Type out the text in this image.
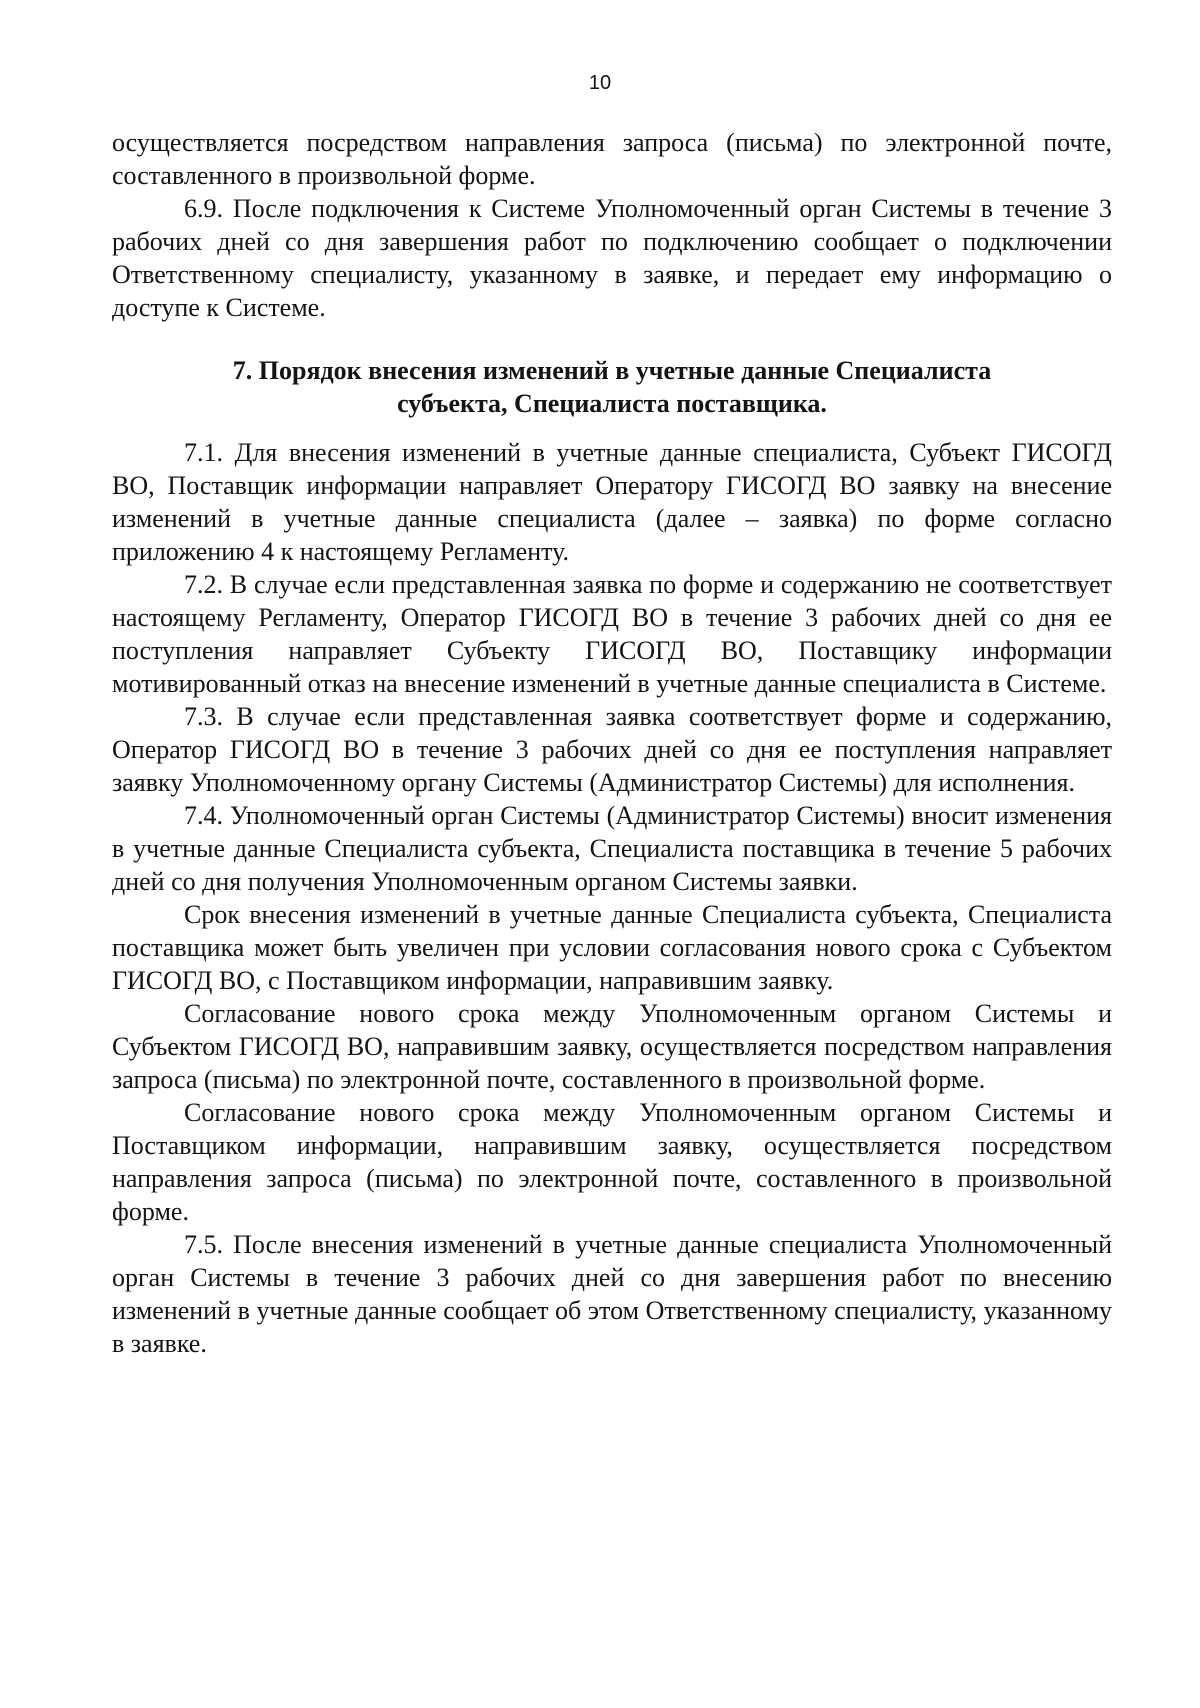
10

осуществляется посредством направления запроса (письма) по электронной почте, составленного в произвольной форме.

6.9. После подключения к Системе Уполномоченный орган Системы в течение 3 рабочих дней со дня завершения работ по подключению сообщает о подключении Ответственному специалисту, указанному в заявке, и передает ему информацию о доступе к Системе.

7. Порядок внесения изменений в учетные данные Специалиста
субъекта, Специалиста поставщика.

7.1. Для внесения изменений в учетные данные специалиста, Субъект ГИСОГД ВО, Поставщик информации направляет Оператору ГИСОГД ВО заявку на внесение изменений в учетные данные специалиста (далее – заявка) по форме согласно приложению 4 к настоящему Регламенту.

7.2. В случае если представленная заявка по форме и содержанию не соответствует настоящему Регламенту, Оператор ГИСОГД ВО в течение 3 рабочих дней со дня ее поступления направляет Субъекту ГИСОГД ВО, Поставщику информации мотивированный отказ на внесение изменений в учетные данные специалиста в Системе.

7.3. В случае если представленная заявка соответствует форме и содержанию, Оператор ГИСОГД ВО в течение 3 рабочих дней со дня ее поступления направляет заявку Уполномоченному органу Системы (Администратор Системы) для исполнения.

7.4. Уполномоченный орган Системы (Администратор Системы) вносит изменения в учетные данные Специалиста субъекта, Специалиста поставщика в течение 5 рабочих дней со дня получения Уполномоченным органом Системы заявки.

Срок внесения изменений в учетные данные Специалиста субъекта, Специалиста поставщика может быть увеличен при условии согласования нового срока с Субъектом ГИСОГД ВО, с Поставщиком информации, направившим заявку.

Согласование нового срока между Уполномоченным органом Системы и Субъектом ГИСОГД ВО, направившим заявку, осуществляется посредством направления запроса (письма) по электронной почте, составленного в произвольной форме.

Согласование нового срока между Уполномоченным органом Системы и Поставщиком информации, направившим заявку, осуществляется посредством направления запроса (письма) по электронной почте, составленного в произвольной форме.

7.5. После внесения изменений в учетные данные специалиста Уполномоченный орган Системы в течение 3 рабочих дней со дня завершения работ по внесению изменений в учетные данные сообщает об этом Ответственному специалисту, указанному в заявке.
